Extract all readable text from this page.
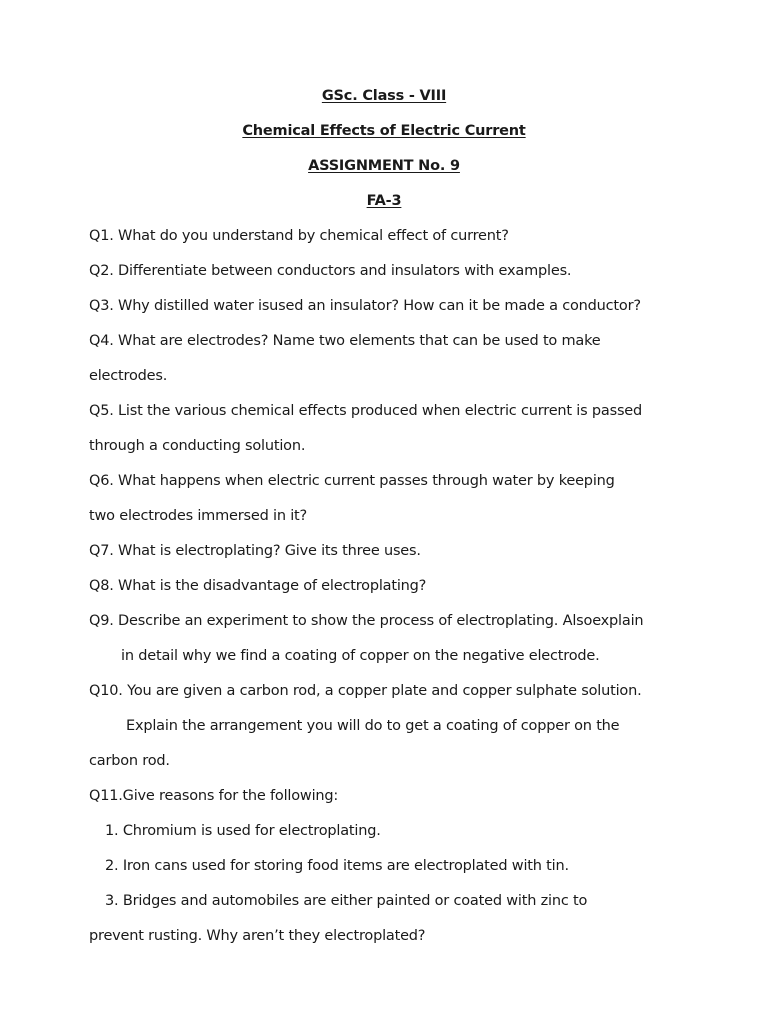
GSc. Class - VIII
Chemical Effects of Electric Current
ASSIGNMENT No. 9
FA-3
Q1. What do you understand by chemical effect of current?
Q2. Differentiate between conductors and insulators with examples.
Q3. Why distilled water isused an insulator? How can it be made a conductor?
Q4. What are electrodes? Name two elements that can be used to make
electrodes.
Q5. List the various chemical effects produced when electric current is passed
through a conducting solution.
Q6. What happens when electric current passes through water by keeping
two electrodes immersed in it?
Q7. What is electroplating? Give its three uses.
Q8. What is the disadvantage of electroplating?
Q9. Describe an experiment to show the process of electroplating. Alsoexplain
in detail why we find a coating of copper on the negative electrode.
Q10. You are given a carbon rod, a copper plate and copper sulphate solution.
Explain the arrangement you will do to get a coating of copper on the
carbon rod.
Q11.Give reasons for the following:
1. Chromium is used for electroplating.
2. Iron cans used for storing food items are electroplated with tin.
3. Bridges and automobiles are either painted or coated with zinc to
prevent rusting. Why aren’t they electroplated?
